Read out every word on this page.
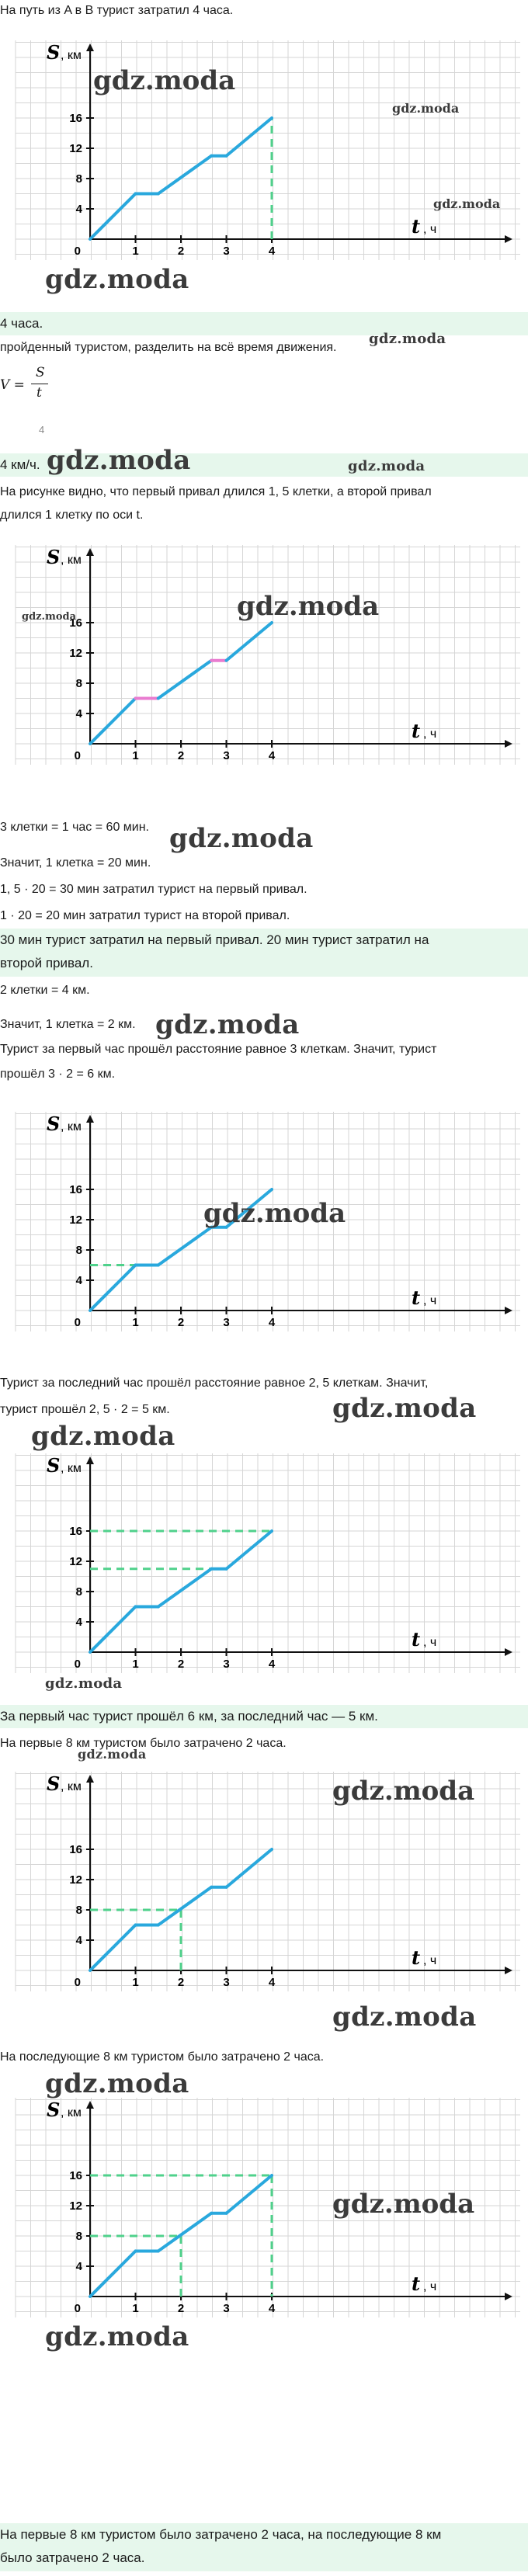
На путь из A в B турист затратил 4 часа.
1	2	3	4
4
8
12
16
0
S , км
t , ч
gdz.moda
gdz.moda
gdz.moda
gdz.moda
4 часа.
пройденный туристом, разделить на всё время движения.
gdz.moda
V =
S
t
4
4 км/ч. gdz.moda	gdz.moda
На рисунке видно, что первый привал длился 1, 5 клетки, а второй привал
длился 1 клетку по оси t.
1	2	3	4
4
8
12
16
0
S , км
t , ч
gdz.moda
gdz.moda
3 клетки = 1 час = 60 мин. gdz.moda
Значит, 1 клетка = 20 мин.
1, 5 · 20 = 30 мин затратил турист на первый привал.
1 · 20 = 20 мин затратил турист на второй привал.
30 мин турист затратил на первый привал. 20 мин турист затратил на
второй привал.
2 клетки = 4 км.
Значит, 1 клетка = 2 км. gdz.moda
Турист за первый час прошёл расстояние равное 3 клеткам. Значит, турист
прошёл 3 · 2 = 6 км.
1	2	3	4
4
8
12
16
0
S , км
t , ч
gdz.moda
Турист за последний час прошёл расстояние равное 2, 5 клеткам. Значит,
турист прошёл 2, 5 · 2 = 5 км.	gdz.moda
gdz.moda
1	2	3	4
4
8
12
16
0
S , км
t , ч
gdz.moda
За первый час турист прошёл 6 км, за последний час — 5 км.
На первые 8 км туристом было затрачено 2 часа.
gdz.moda
1	2	3	4
4
8
12
16
0
S , км
t , ч
gdz.moda
gdz.moda
На последующие 8 км туристом было затрачено 2 часа.
gdz.moda
1	2	3	4
4
8
12
16
0
S , км
t , ч
gdz.moda
gdz.moda
На первые 8 км туристом было затрачено 2 часа, на последующие 8 км
было затрачено 2 часа.
